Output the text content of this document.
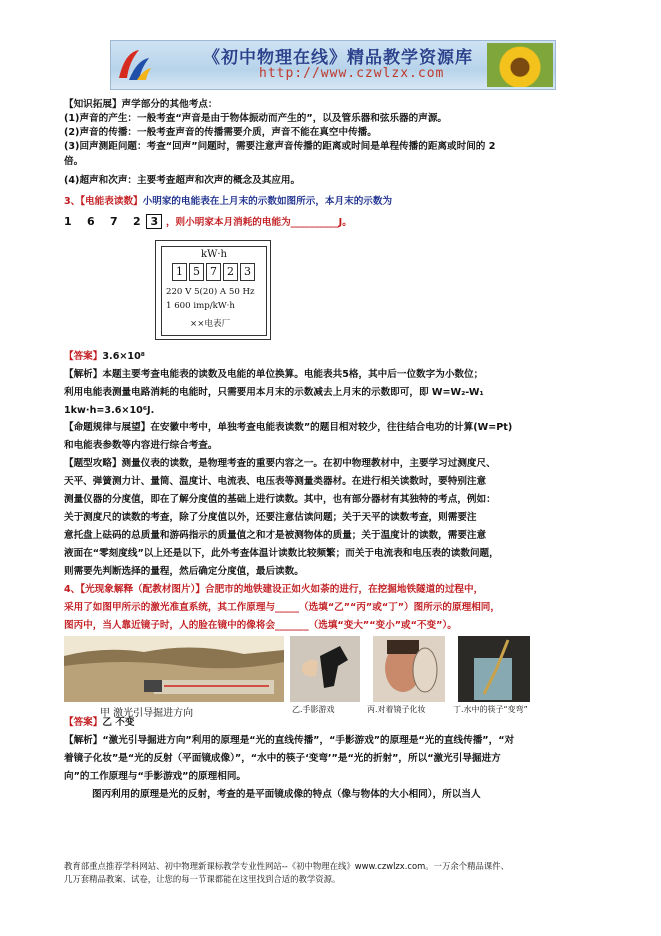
《初中物理在线》精品教学资源库
http://www.czwlzx.com
【知识拓展】声学部分的其他考点：
(1)声音的产生：一般考查“声音是由于物体振动而产生的”，以及管乐器和弦乐器的声源。
(2)声音的传播：一般考查声音的传播需要介质，声音不能在真空中传播。
(3)回声测距问题：考查“回声”问题时，需要注意声音传播的距离或时间是单程传播的距离或时间的 2
倍。
(4)超声和次声：主要考查超声和次声的概念及其应用。
3、【电能表读数】小明家的电能表在上月末的示数如图所示，本月末的示数为
1 6 7 2 3 ，则小明家本月消耗的电能为__________J。
kW·h
1 5 7 2 3
220 V 5(20) A 50 Hz
1 600 imp/kW·h
××电表厂
【答案】3.6×10⁸
【解析】本题主要考查电能表的读数及电能的单位换算。电能表共5格，其中后一位数字为小数位；
利用电能表测量电路消耗的电能时，只需要用本月末的示数减去上月末的示数即可，即 W=W₂-W₁
1kw·h=3.6×10⁶J.
【命题规律与展望】在安徽中考中，单独考查电能表读数”的题目相对较少，往往结合电功的计算(W=Pt)
和电能表参数等内容进行综合考查。
【题型攻略】测量仪表的读数，是物理考查的重要内容之一。在初中物理教材中，主要学习过测度尺、
天平、弹簧测力计、量筒、温度计、电流表、电压表等测量类器材。在进行相关读数时，要特别注意
测量仪器的分度值，即在了解分度值的基础上进行读数。其中，也有部分器材有其独特的考点，例如：
关于测度尺的读数的考查，除了分度值以外，还要注意估读问题；关于天平的读数考查，则需要注
意托盘上砝码的总质量和游码指示的质量值之和才是被测物体的质量；关于温度计的读数，需要注意
液面在“零刻度线”以上还是以下，此外考查体温计读数比较频繁；而关于电流表和电压表的读数问题，
则需要先判断选择的量程，然后确定分度值，最后读数。
4、【光现象解释（配教材图片）】合肥市的地铁建设正如火如荼的进行，在挖掘地铁隧道的过程中，
采用了如图甲所示的激光准直系统，其工作原理与_____（选填“乙”“丙”或“丁”）图所示的原理相同，
图丙中，当人靠近镜子时，人的脸在镜中的像将会_______（选填“变大”“变小”或“不变”）。
甲 激光引导掘进方向	乙.手影游戏	丙.对着镜子化妆	丁.水中的筷子“变弯”
【答案】乙 不变
【解析】“激光引导掘进方向”利用的原理是“光的直线传播”，“手影游戏”的原理是“光的直线传播”，“对
着镜子化妆”是“光的反射（平面镜成像）”，“水中的筷子‘变弯’”是“光的折射”，所以“激光引导掘进方
向”的工作原理与“手影游戏”的原理相同。
图丙利用的原理是光的反射，考查的是平面镜成像的特点（像与物体的大小相同），所以当人
教育部重点推荐学科网站、初中物理新课标教学专业性网站--《初中物理在线》www.czwlzx.com。一万余个精品课件、
几万套精品教案、试卷，让您的每一节课都能在这里找到合适的教学资源。
